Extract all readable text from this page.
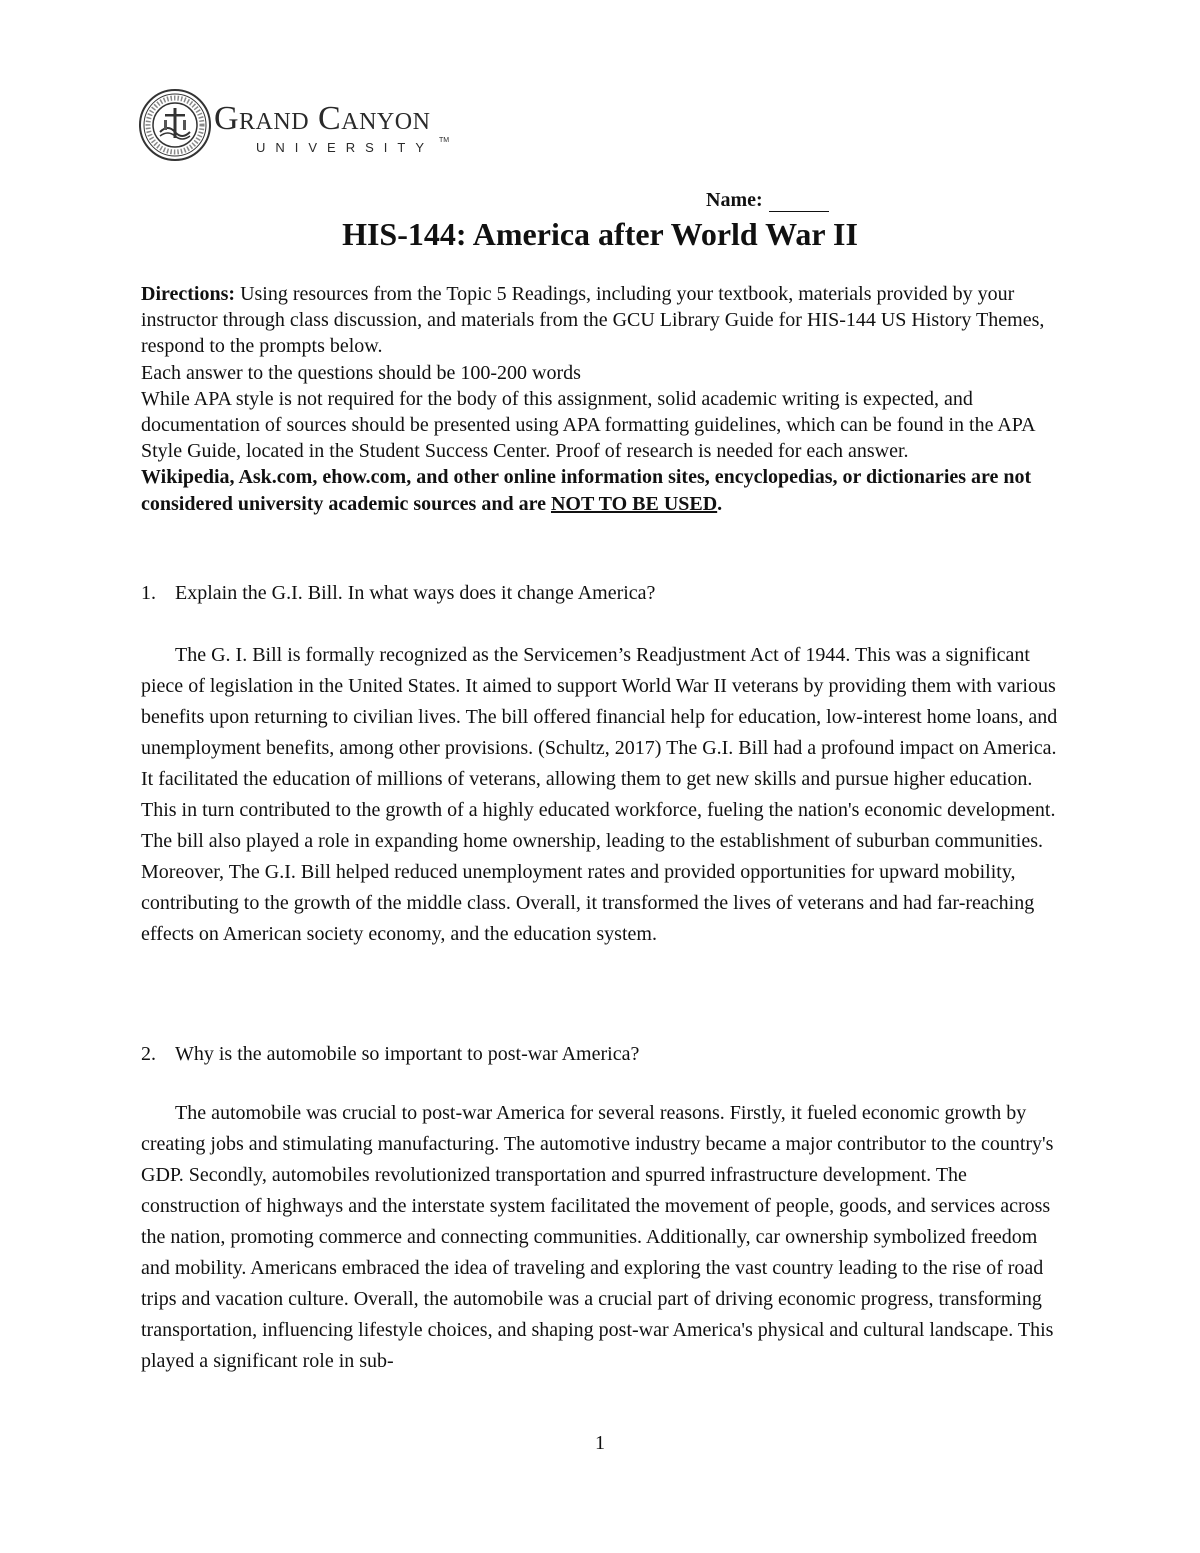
Grand Canyon
UNIVERSITY TM
Name:
HIS-144: America after World War II

Directions: Using resources from the Topic 5 Readings, including your textbook, materials provided by your instructor through class discussion, and materials from the GCU Library Guide for HIS-144 US History Themes, respond to the prompts below.

Each answer to the questions should be 100-200 words

While APA style is not required for the body of this assignment, solid academic writing is expected, and documentation of sources should be presented using APA formatting guidelines, which can be found in the APA Style Guide, located in the Student Success Center. Proof of research is needed for each answer.

Wikipedia, Ask.com, ehow.com, and other online information sites, encyclopedias, or dictionaries are not considered university academic sources and are NOT TO BE USED.

1. Explain the G.I. Bill. In what ways does it change America?

The G. I. Bill is formally recognized as the Servicemen’s Readjustment Act of 1944. This was a significant piece of legislation in the United States. It aimed to support World War II veterans by providing them with various benefits upon returning to civilian lives. The bill offered financial help for education, low-interest home loans, and unemployment benefits, among other provisions. (Schultz, 2017) The G.I. Bill had a profound impact on America. It facilitated the education of millions of veterans, allowing them to get new skills and pursue higher education. This in turn contributed to the growth of a highly educated workforce, fueling the nation's economic development. The bill also played a role in expanding home ownership, leading to the establishment of suburban communities. Moreover, The G.I. Bill helped reduced unemployment rates and provided opportunities for upward mobility, contributing to the growth of the middle class. Overall, it transformed the lives of veterans and had far-reaching effects on American society economy, and the education system.

2. Why is the automobile so important to post-war America?

The automobile was crucial to post-war America for several reasons. Firstly, it fueled economic growth by creating jobs and stimulating manufacturing. The automotive industry became a major contributor to the country's GDP. Secondly, automobiles revolutionized transportation and spurred infrastructure development. The construction of highways and the interstate system facilitated the movement of people, goods, and services across the nation, promoting commerce and connecting communities. Additionally, car ownership symbolized freedom and mobility. Americans embraced the idea of traveling and exploring the vast country leading to the rise of road trips and vacation culture. Overall, the automobile was a crucial part of driving economic progress, transforming transportation, influencing lifestyle choices, and shaping post-war America's physical and cultural landscape. This played a significant role in sub-

1
